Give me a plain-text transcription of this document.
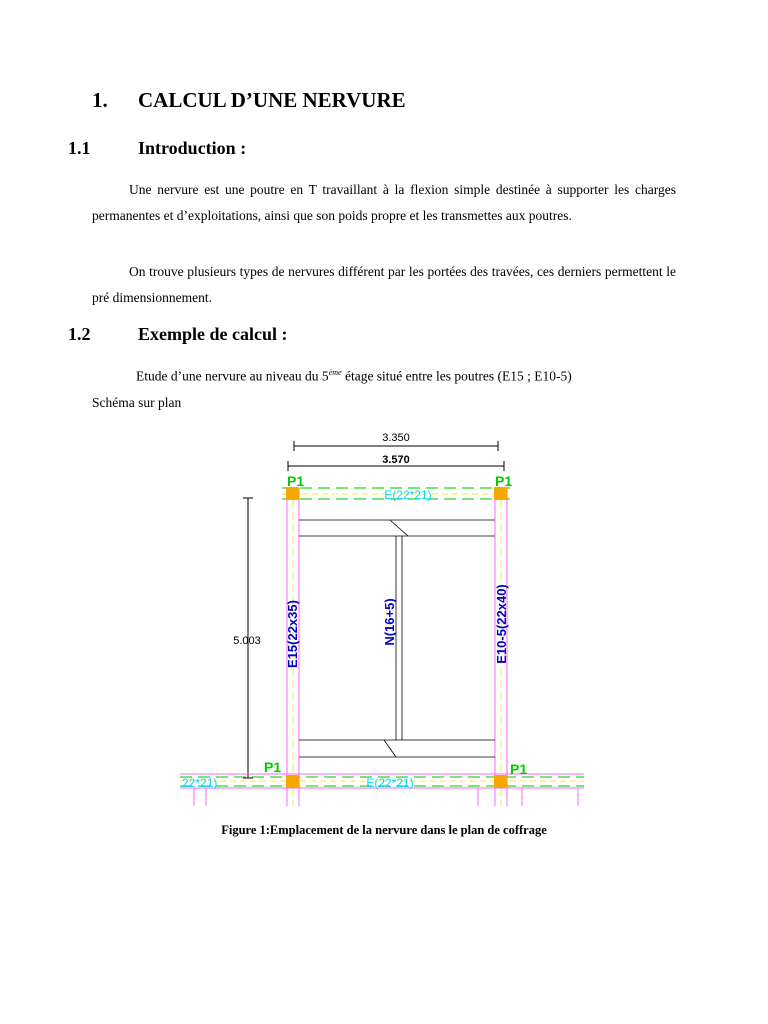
1. CALCUL D’UNE NERVURE
1.1	Introduction :
Une nervure est une poutre en T travaillant à la flexion simple destinée à supporter les charges permanentes et d’exploitations, ainsi que son poids propre et les transmettes aux poutres.
On trouve plusieurs types de nervures différent par les portées des travées, ces derniers permettent le pré dimensionnement.
1.2	Exemple de calcul :
Etude d’une nervure au niveau du 5ème étage situé entre les poutres (E15 ; E10-5)
Schéma sur plan
3.350
3.570
5.003
P1	P1
P1	P1
E(22*21)
E(22*21)
22*21)
E15(22x35)	E10-5(22x40)
N(16+5)
Figure 1:Emplacement de la nervure dans le plan de coffrage
